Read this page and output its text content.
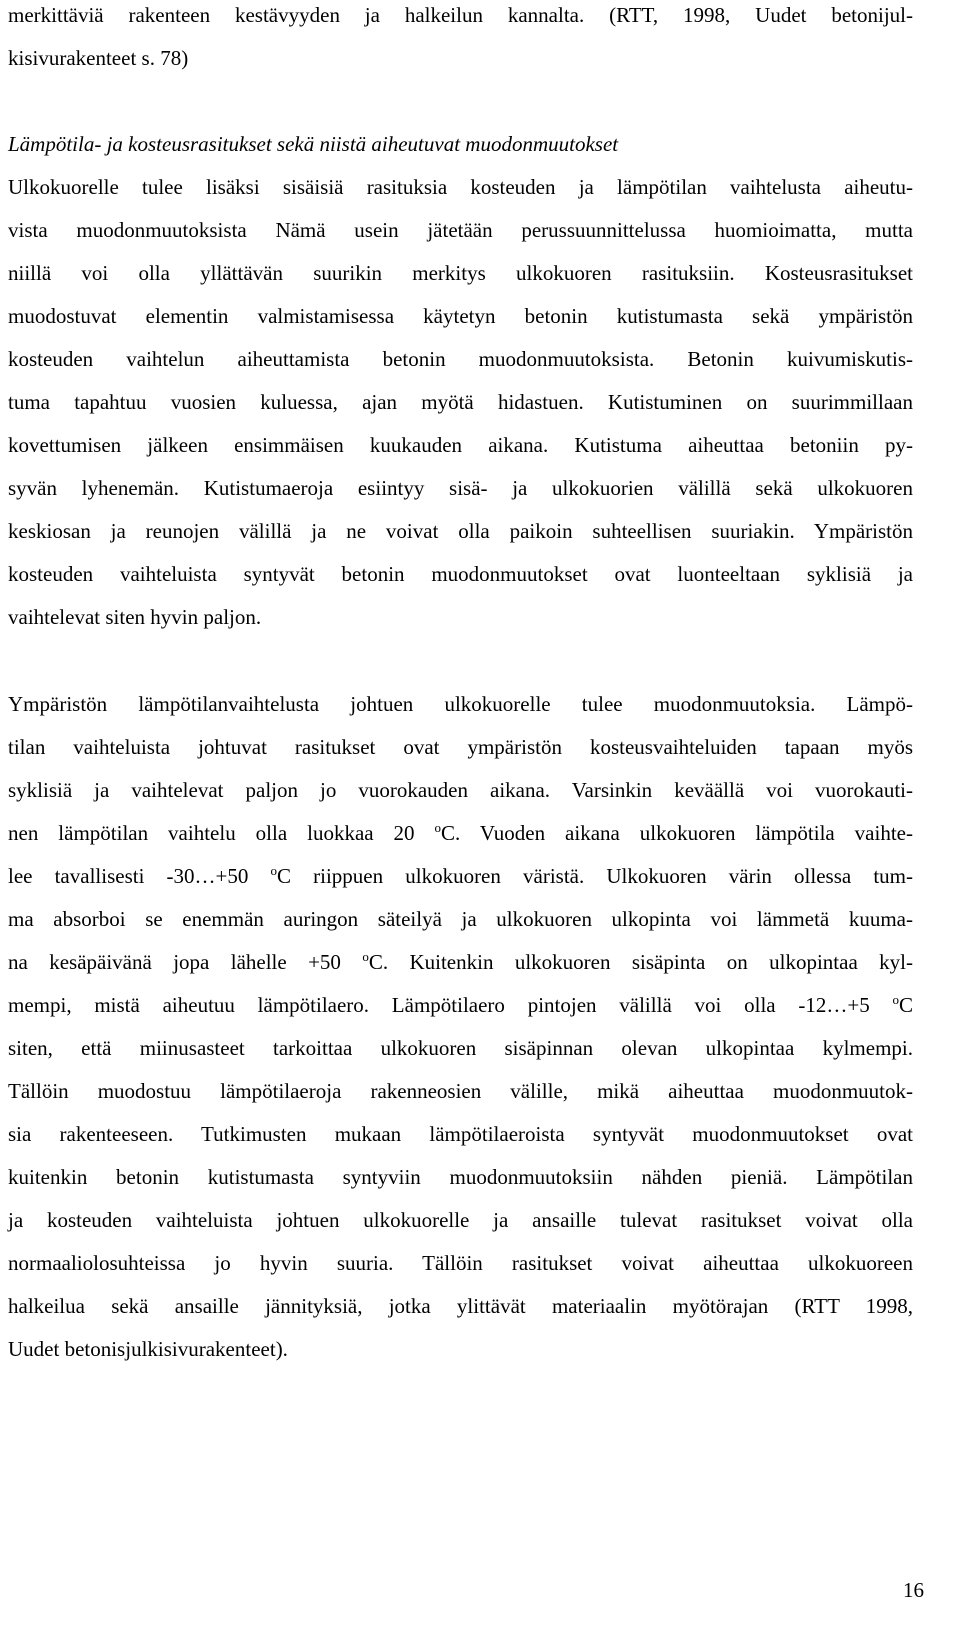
merkittäviä rakenteen kestävyyden ja halkeilun kannalta. (RTT, 1998, Uudet betonijul-
kisivurakenteet s. 78)
Lämpötila- ja kosteusrasitukset sekä niistä aiheutuvat muodonmuutokset
Ulkokuorelle tulee lisäksi sisäisiä rasituksia kosteuden ja lämpötilan vaihtelusta aiheutu-
vista muodonmuutoksista Nämä usein jätetään perussuunnittelussa huomioimatta, mutta
niillä voi olla yllättävän suurikin merkitys ulkokuoren rasituksiin. Kosteusrasitukset
muodostuvat elementin valmistamisessa käytetyn betonin kutistumasta sekä ympäristön
kosteuden vaihtelun aiheuttamista betonin muodonmuutoksista. Betonin kuivumiskutis-
tuma tapahtuu vuosien kuluessa, ajan myötä hidastuen. Kutistuminen on suurimmillaan
kovettumisen jälkeen ensimmäisen kuukauden aikana. Kutistuma aiheuttaa betoniin py-
syvän lyhenemän. Kutistumaeroja esiintyy sisä- ja ulkokuorien välillä sekä ulkokuoren
keskiosan ja reunojen välillä ja ne voivat olla paikoin suhteellisen suuriakin. Ympäristön
kosteuden vaihteluista syntyvät betonin muodonmuutokset ovat luonteeltaan syklisiä ja
vaihtelevat siten hyvin paljon.
Ympäristön lämpötilanvaihtelusta johtuen ulkokuorelle tulee muodonmuutoksia. Lämpö-
tilan vaihteluista johtuvat rasitukset ovat ympäristön kosteusvaihteluiden tapaan myös
syklisiä ja vaihtelevat paljon jo vuorokauden aikana. Varsinkin keväällä voi vuorokauti-
nen lämpötilan vaihtelu olla luokkaa 20 $^o$C. Vuoden aikana ulkokuoren lämpötila vaihte-
lee tavallisesti -30…+50 $^o$C riippuen ulkokuoren väristä. Ulkokuoren värin ollessa tum-
ma absorboi se enemmän auringon säteilyä ja ulkokuoren ulkopinta voi lämmetä kuuma-
na kesäpäivänä jopa lähelle +50 $^o$C. Kuitenkin ulkokuoren sisäpinta on ulkopintaa kyl-
mempi, mistä aiheutuu lämpötilaero. Lämpötilaero pintojen välillä voi olla -12…+5 $^o$C
siten, että miinusasteet tarkoittaa ulkokuoren sisäpinnan olevan ulkopintaa kylmempi.
Tällöin muodostuu lämpötilaeroja rakenneosien välille, mikä aiheuttaa muodonmuutok-
sia rakenteeseen. Tutkimusten mukaan lämpötilaeroista syntyvät muodonmuutokset ovat
kuitenkin betonin kutistumasta syntyviin muodonmuutoksiin nähden pieniä. Lämpötilan
ja kosteuden vaihteluista johtuen ulkokuorelle ja ansaille tulevat rasitukset voivat olla
normaaliolosuhteissa jo hyvin suuria. Tällöin rasitukset voivat aiheuttaa ulkokuoreen
halkeilua sekä ansaille jännityksiä, jotka ylittävät materiaalin myötörajan (RTT 1998,
Uudet betonisjulkisivurakenteet).
16
